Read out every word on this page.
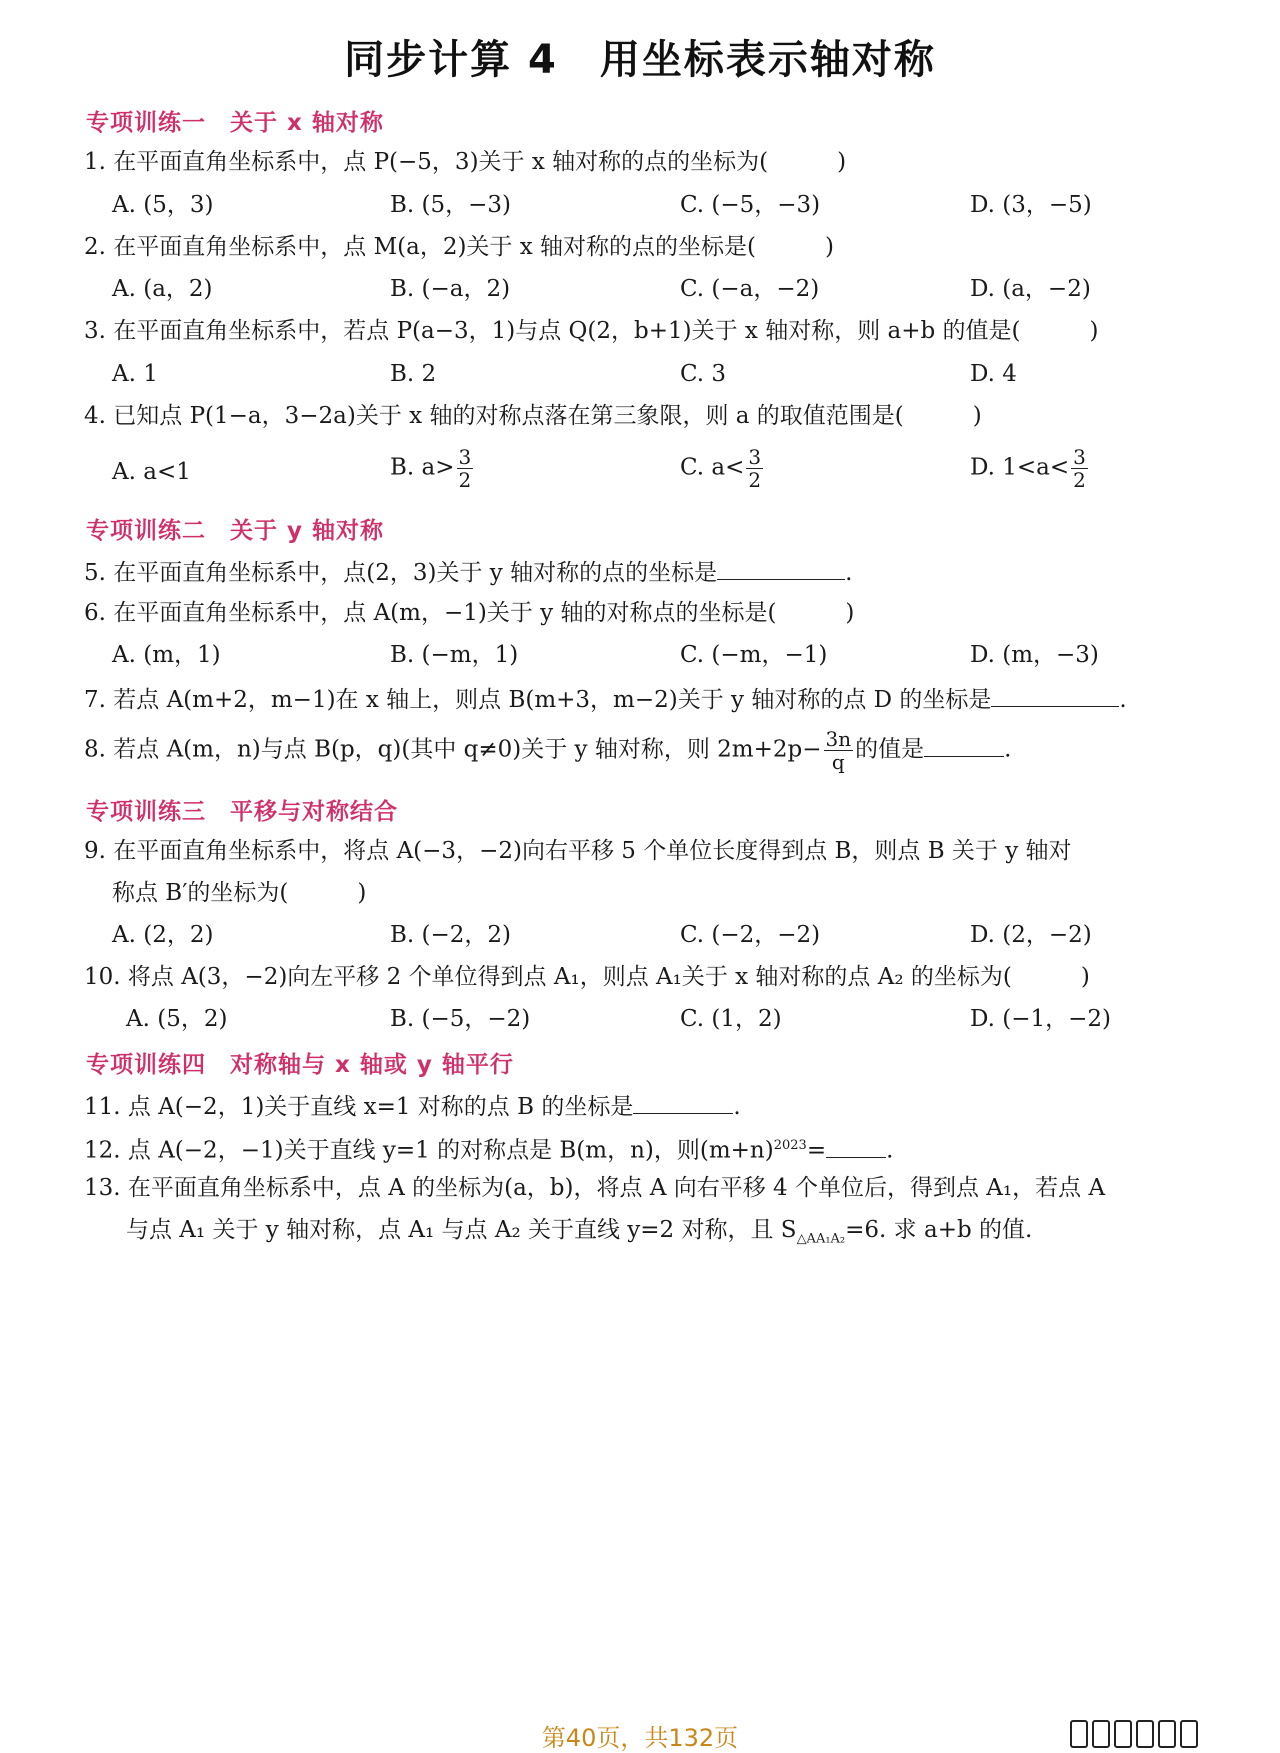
同步计算 4　用坐标表示轴对称
专项训练一　关于 x 轴对称
1. 在平面直角坐标系中，点 P(−5，3)关于 x 轴对称的点的坐标为(　　　)
A. (5，3)	B. (5，−3)	C. (−5，−3)	D. (3，−5)
2. 在平面直角坐标系中，点 M(a，2)关于 x 轴对称的点的坐标是(　　　)
A. (a，2)	B. (−a，2)	C. (−a，−2)	D. (a，−2)
3. 在平面直角坐标系中，若点 P(a−3，1)与点 Q(2，b+1)关于 x 轴对称，则 a+b 的值是(　　　)
A. 1	B. 2	C. 3	D. 4
4. 已知点 P(1−a，3−2a)关于 x 轴的对称点落在第三象限，则 a 的取值范围是(　　　)
A. a<1	B. $a> \frac{3}{2}$	C. $a< \frac{3}{2}$	D. $1<a< \frac{3}{2}$
专项训练二　关于 y 轴对称
5. 在平面直角坐标系中，点(2，3)关于 y 轴对称的点的坐标是	.
6. 在平面直角坐标系中，点 A(m，−1)关于 y 轴的对称点的坐标是(　　　)
A. (m，1)	B. (−m，1)	C. (−m，−1)	D. (m，−3)
7. 若点 A(m+2，m−1)在 x 轴上，则点 B(m+3，m−2)关于 y 轴对称的点 D 的坐标是	.
8. 若点 A(m，n)与点 B(p，q)(其中 q≠0)关于 y 轴对称，则 $2m+2p- \frac{3n}{q}$ 的值是	.
专项训练三　平移与对称结合
9. 在平面直角坐标系中，将点 A(−3，−2)向右平移 5 个单位长度得到点 B，则点 B 关于 y 轴对
称点 B′的坐标为(　　　)
A. (2，2)	B. (−2，2)	C. (−2，−2)	D. (2，−2)
10. 将点 A(3，−2)向左平移 2 个单位得到点 A₁，则点 A₁关于 x 轴对称的点 A₂ 的坐标为(　　　)
A. (5，2)	B. (−5，−2)	C. (1，2)	D. (−1，−2)
专项训练四　对称轴与 x 轴或 y 轴平行
11. 点 A(−2，1)关于直线 x=1 对称的点 B 的坐标是	.
12. 点 A(−2，−1)关于直线 y=1 的对称点是 B(m，n)，则$(m+n)^{2023}=$	.
13. 在平面直角坐标系中，点 A 的坐标为(a，b)，将点 A 向右平移 4 个单位后，得到点 A₁，若点 A
与点 A₁ 关于 y 轴对称，点 A₁ 与点 A₂ 关于直线 y=2 对称，且 $S_{\triangle AA_1A_2}=6$. 求 a+b 的值.
第40页，共132页
